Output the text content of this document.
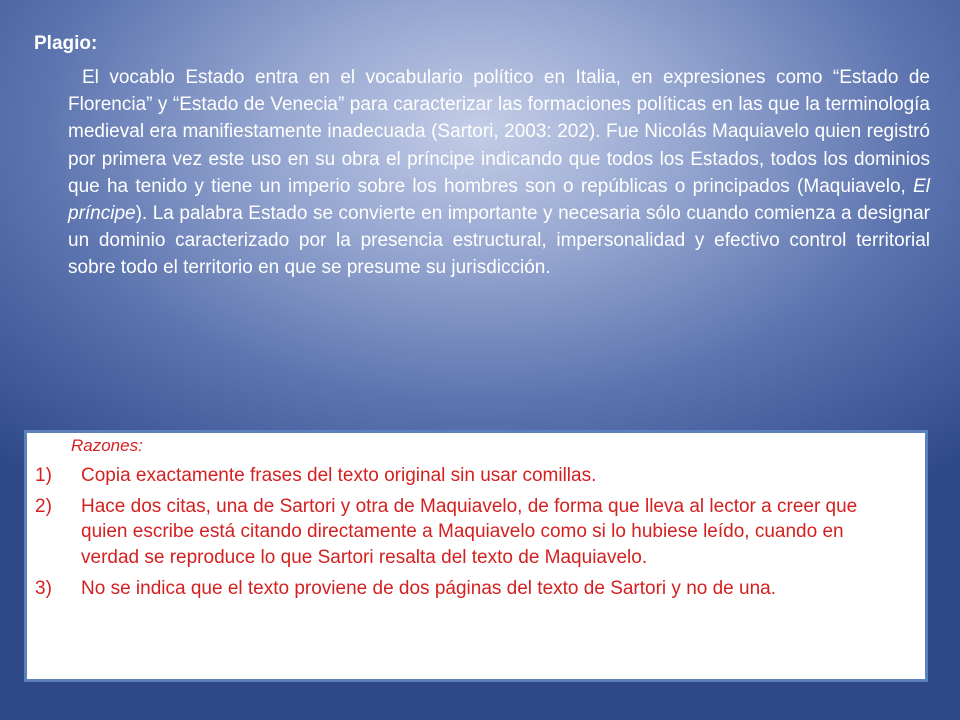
Plagio:

El vocablo Estado entra en el vocabulario político en Italia, en expresiones como “Estado de Florencia” y “Estado de Venecia” para caracterizar las formaciones políticas en las que la terminología medieval era manifiestamente inadecuada (Sartori, 2003: 202). Fue Nicolás Maquiavelo quien registró por primera vez este uso en su obra el príncipe indicando que todos los Estados, todos los dominios que ha tenido y tiene un imperio sobre los hombres son o repúblicas o principados (Maquiavelo, El príncipe). La palabra Estado se convierte en importante y necesaria sólo cuando comienza a designar un dominio caracterizado por la presencia estructural, impersonalidad y efectivo control territorial sobre todo el territorio en que se presume su jurisdicción.

Razones:

1) Copia exactamente frases del texto original sin usar comillas.
2) Hace dos citas, una de Sartori y otra de Maquiavelo, de forma que lleva al lector a creer que quien escribe está citando directamente a Maquiavelo como si lo hubiese leído, cuando en verdad se reproduce lo que Sartori resalta del texto de Maquiavelo.
3) No se indica que el texto proviene de dos páginas del texto de Sartori y no de una.
